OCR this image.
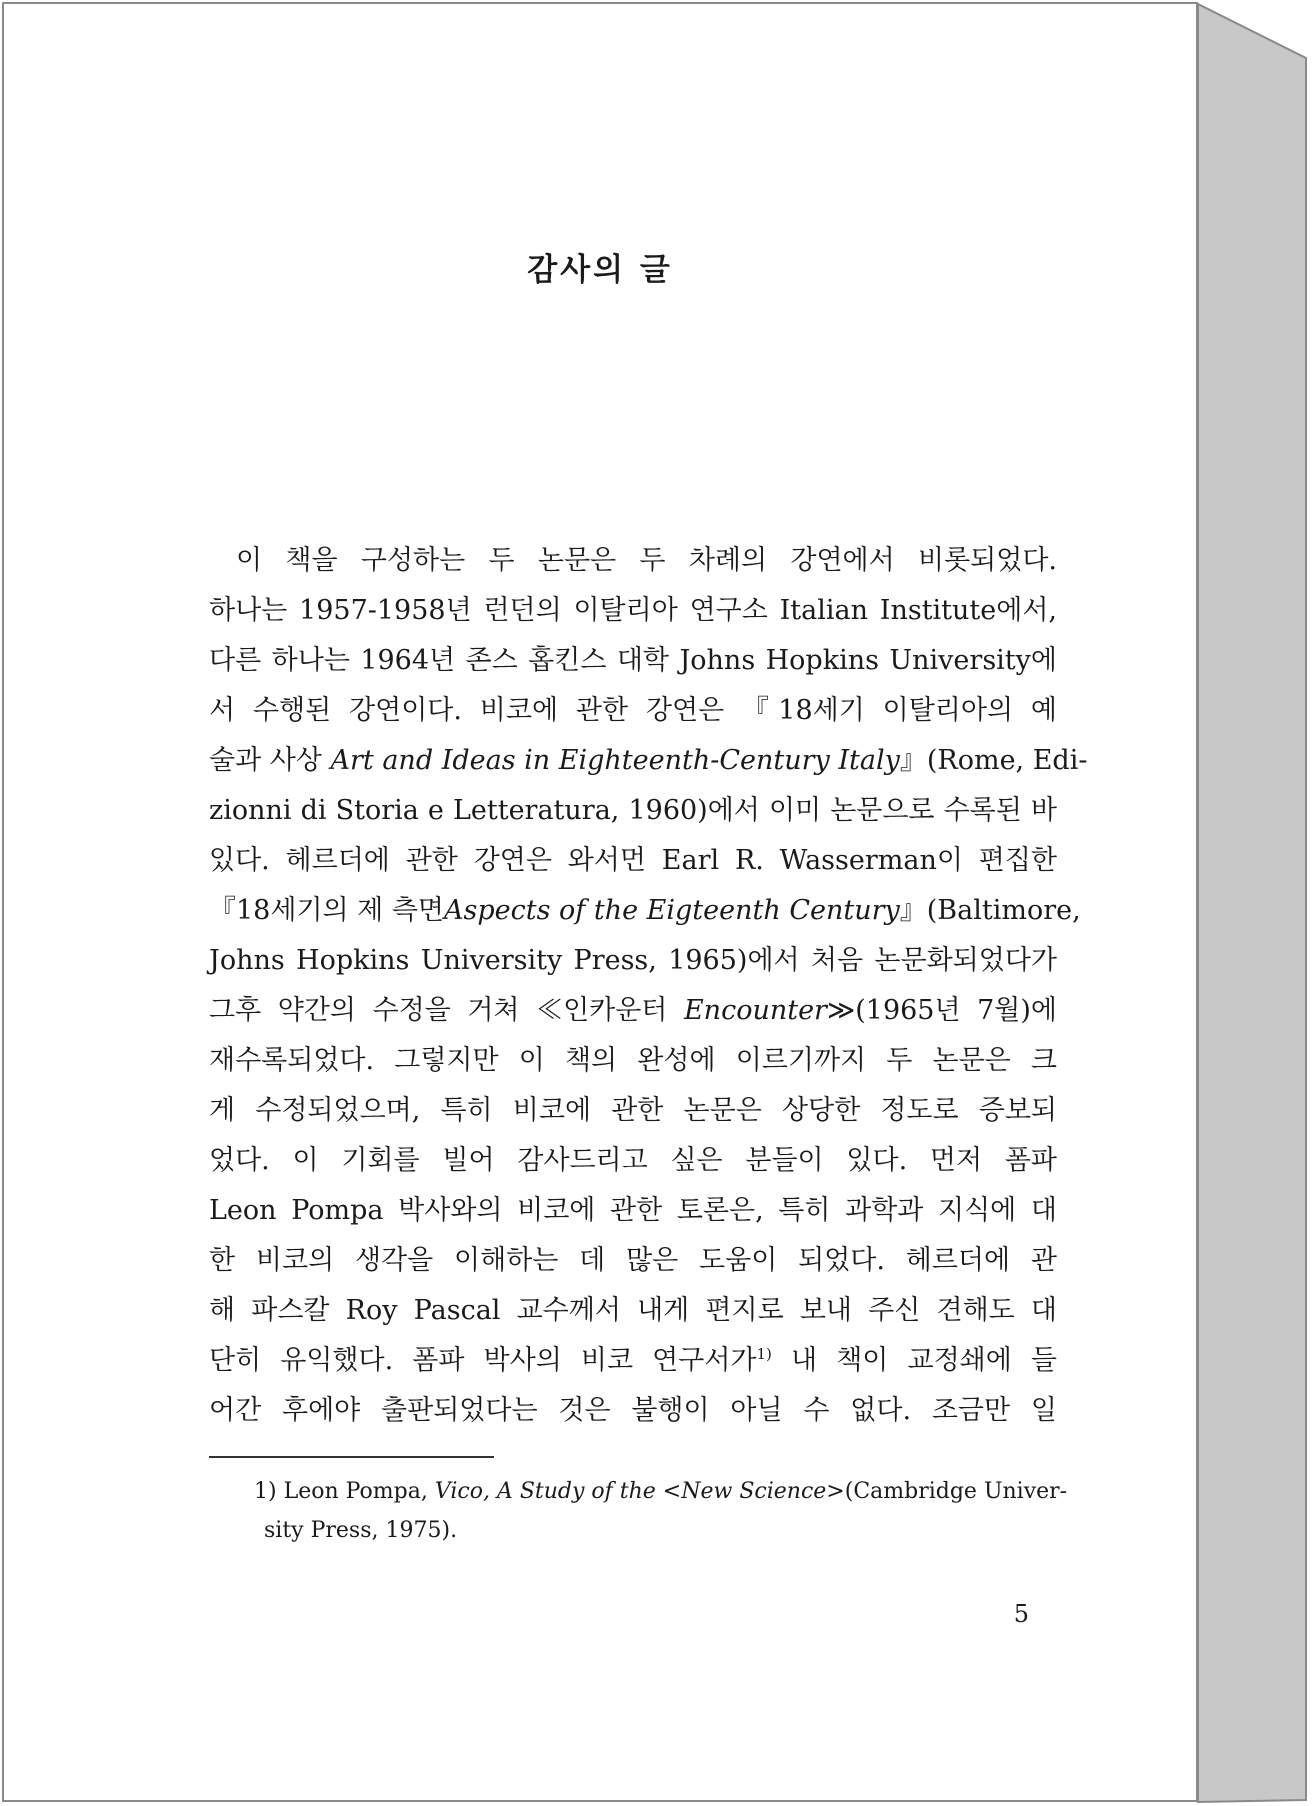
감사의 글
이 책을 구성하는 두 논문은 두 차례의 강연에서 비롯되었다.
하나는 1957-1958년 런던의 이탈리아 연구소 Italian Institute에서,
다른 하나는 1964년 존스 홉킨스 대학 Johns Hopkins University에
서 수행된 강연이다. 비코에 관한 강연은 『18세기 이탈리아의 예
술과 사상 Art and Ideas in Eighteenth-Century Italy』(Rome, Edi-
zionni di Storia e Letteratura, 1960)에서 이미 논문으로 수록된 바
있다. 헤르더에 관한 강연은 와서먼 Earl R. Wasserman이 편집한
『18세기의 제 측면Aspects of the Eigteenth Century』(Baltimore,
Johns Hopkins University Press, 1965)에서 처음 논문화되었다가
그후 약간의 수정을 거쳐 ≪인카운터 Encounter≫(1965년 7월)에
재수록되었다. 그렇지만 이 책의 완성에 이르기까지 두 논문은 크
게 수정되었으며, 특히 비코에 관한 논문은 상당한 정도로 증보되
었다. 이 기회를 빌어 감사드리고 싶은 분들이 있다. 먼저 폼파
Leon Pompa 박사와의 비코에 관한 토론은, 특히 과학과 지식에 대
한 비코의 생각을 이해하는 데 많은 도움이 되었다. 헤르더에 관
해 파스칼 Roy Pascal 교수께서 내게 편지로 보내 주신 견해도 대
단히 유익했다. 폼파 박사의 비코 연구서가$^{1)}$ 내 책이 교정쇄에 들
어간 후에야 출판되었다는 것은 불행이 아닐 수 없다. 조금만 일
1) Leon Pompa, Vico, A Study of the <New Science>(Cambridge Univer-
sity Press, 1975).

5
